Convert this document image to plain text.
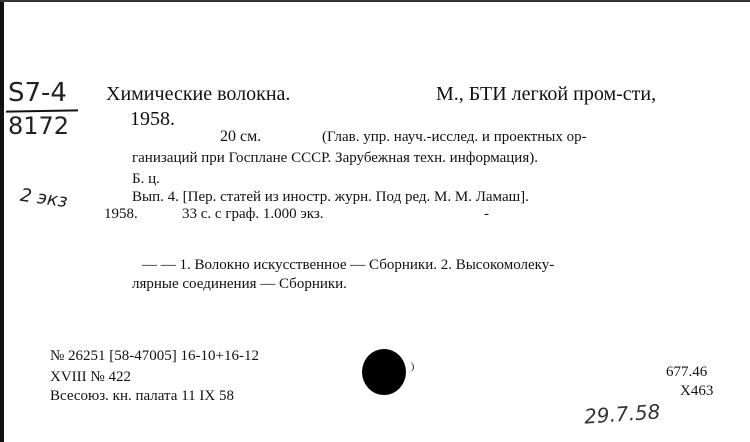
S7-4
8172
2 экз
Химические волокна.	М., БТИ легкой пром-сти,
1958.
20 см.	(Глав. упр. науч.-исслед. и проектных ор-
ганизаций при Госплане СССР. Зарубежная техн. информация).
Б. ц.
Вып. 4. [Пер. статей из иностр. журн. Под ред. М. М. Ламаш].
1958.	33 с. с граф. 1.000 экз.	-
— — 1. Волокно искусственное — Сборники. 2. Высокомолеку-
лярные соединения — Сборники.
№ 26251 [58-47005] 16-10+16-12
XVIII № 422
Всесоюз. кн. палата 11 IX 58
677.46
Х463
29.7.58
